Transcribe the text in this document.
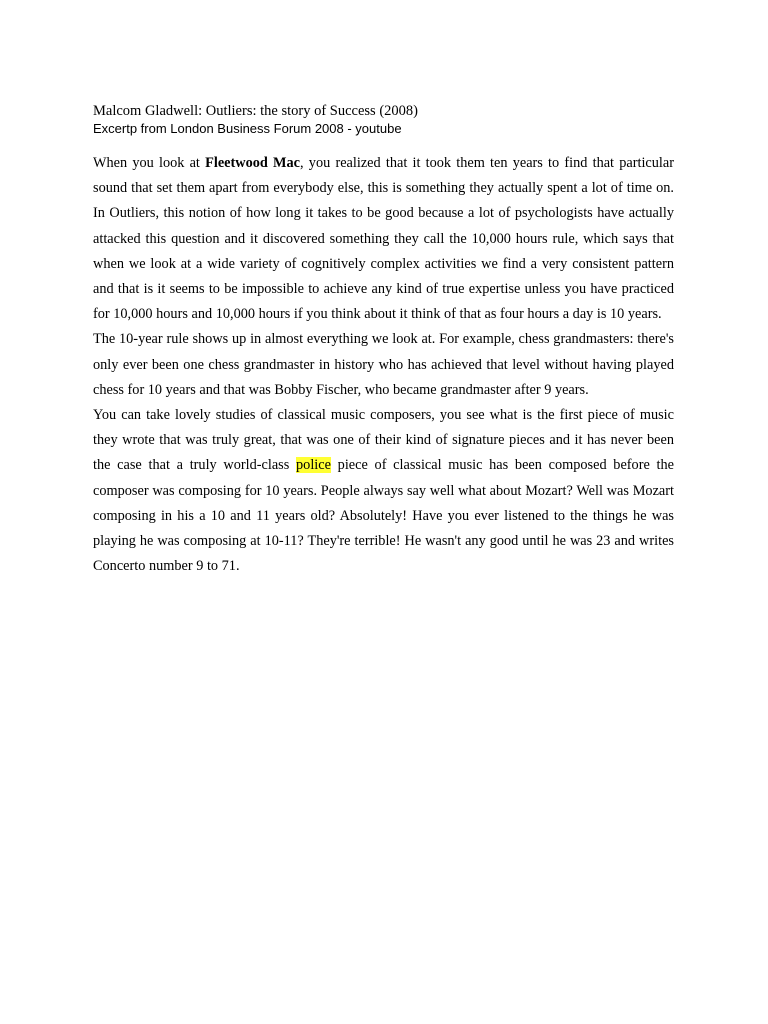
Malcom Gladwell: Outliers: the story of Success (2008)

Excertp from London Business Forum 2008 - youtube

When you look at Fleetwood Mac, you realized that it took them ten years to find that particular sound that set them apart from everybody else, this is something they actually spent a lot of time on. In Outliers, this notion of how long it takes to be good because a lot of psychologists have actually attacked this question and it discovered something they call the 10,000 hours rule, which says that when we look at a wide variety of cognitively complex activities we find a very consistent pattern and that is it seems to be impossible to achieve any kind of true expertise unless you have practiced for 10,000 hours and 10,000 hours if you think about it think of that as four hours a day is 10 years.

The 10-year rule shows up in almost everything we look at. For example, chess grandmasters: there's only ever been one chess grandmaster in history who has achieved that level without having played chess for 10 years and that was Bobby Fischer, who became grandmaster after 9 years.

You can take lovely studies of classical music composers, you see what is the first piece of music they wrote that was truly great, that was one of their kind of signature pieces and it has never been the case that a truly world-class police piece of classical music has been composed before the composer was composing for 10 years. People always say well what about Mozart? Well was Mozart composing in his a 10 and 11 years old? Absolutely! Have you ever listened to the things he was playing he was composing at 10-11? They're terrible! He wasn't any good until he was 23 and writes Concerto number 9 to 71.
